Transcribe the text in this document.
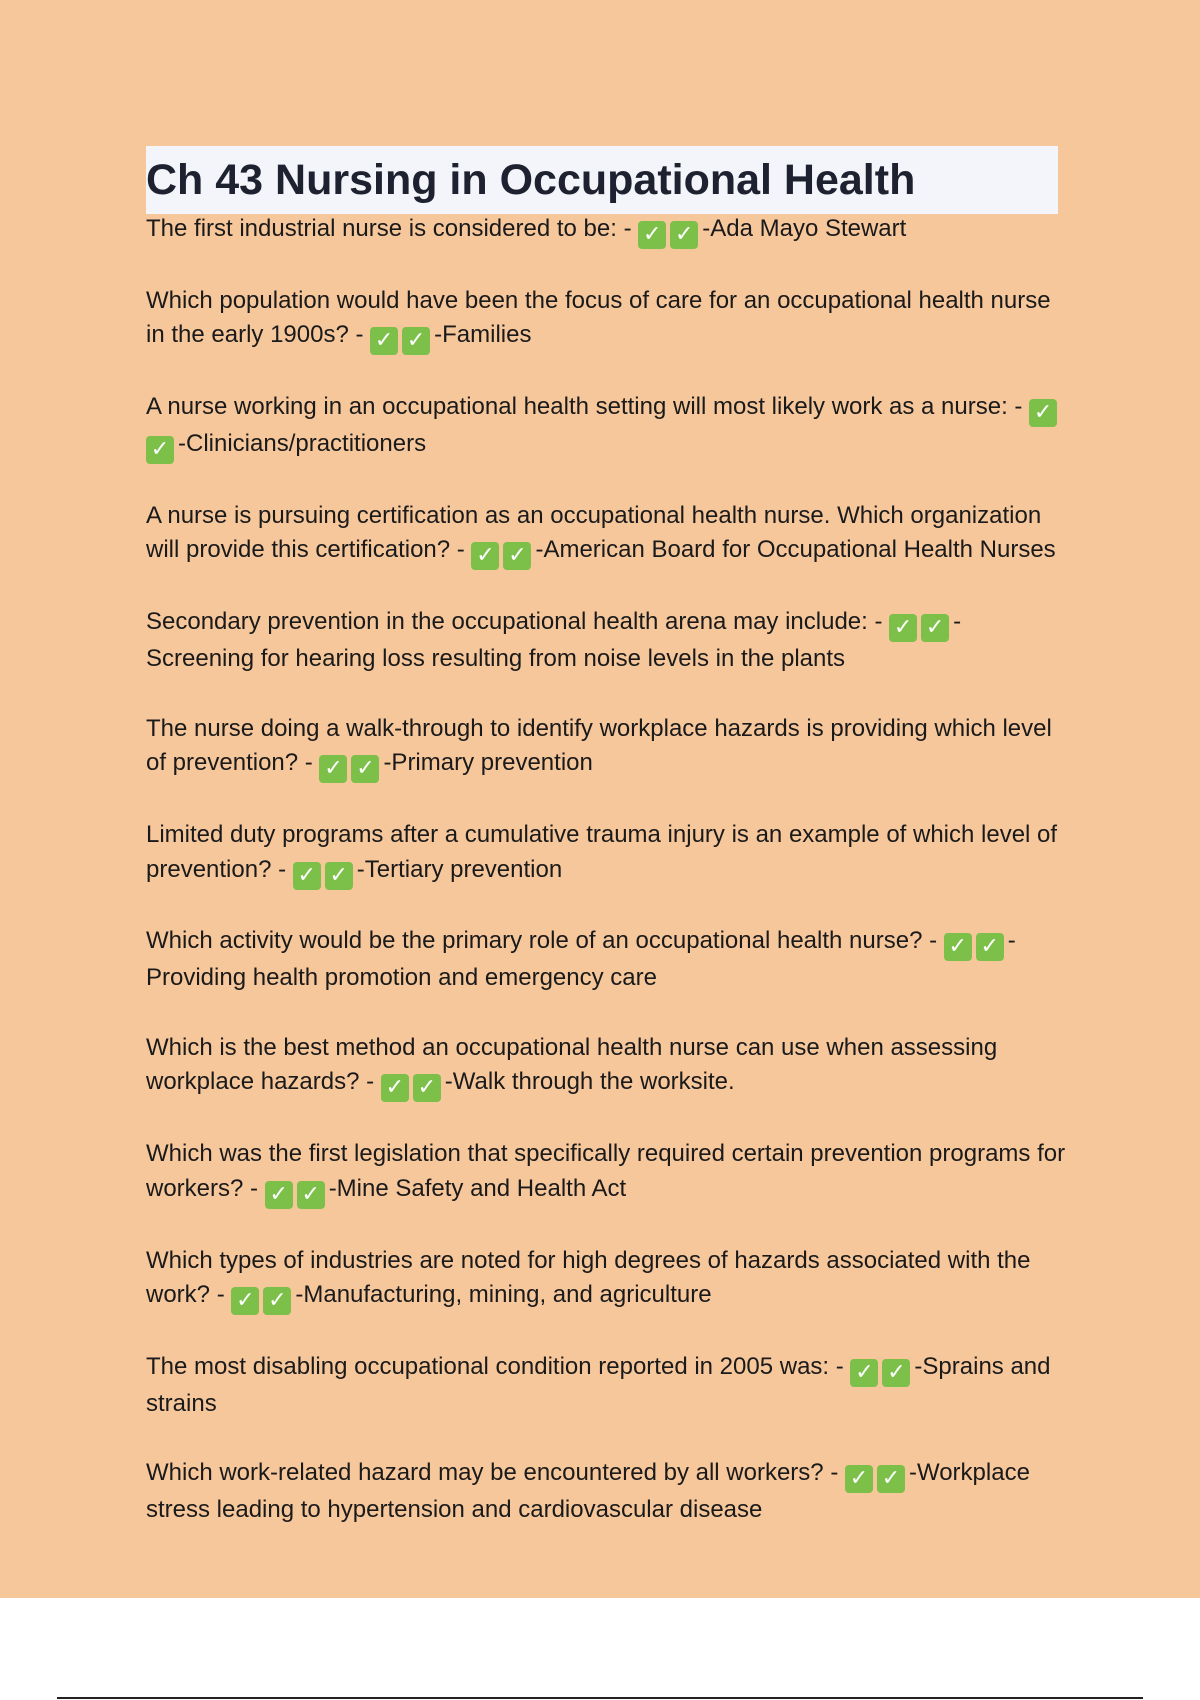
Ch 43 Nursing in Occupational Health

The first industrial nurse is considered to be: - ✓ ✓ -Ada Mayo Stewart

Which population would have been the focus of care for an occupational health nurse in the early 1900s? - ✓ ✓ -Families

A nurse working in an occupational health setting will most likely work as a nurse: - ✓✓ -Clinicians/practitioners

A nurse is pursuing certification as an occupational health nurse. Which organization will provide this certification? - ✓ ✓ -American Board for Occupational Health Nurses

Secondary prevention in the occupational health arena may include: - ✓ ✓ -Screening for hearing loss resulting from noise levels in the plants

The nurse doing a walk-through to identify workplace hazards is providing which level of prevention? - ✓ ✓ -Primary prevention

Limited duty programs after a cumulative trauma injury is an example of which level of prevention? - ✓ ✓ -Tertiary prevention

Which activity would be the primary role of an occupational health nurse? - ✓ ✓ -Providing health promotion and emergency care

Which is the best method an occupational health nurse can use when assessing workplace hazards? - ✓ ✓ -Walk through the worksite.

Which was the first legislation that specifically required certain prevention programs for workers? - ✓ ✓ -Mine Safety and Health Act

Which types of industries are noted for high degrees of hazards associated with the work? - ✓ ✓ -Manufacturing, mining, and agriculture

The most disabling occupational condition reported in 2005 was: - ✓ ✓ -Sprains and strains

Which work-related hazard may be encountered by all workers? - ✓ ✓ -Workplace stress leading to hypertension and cardiovascular disease
